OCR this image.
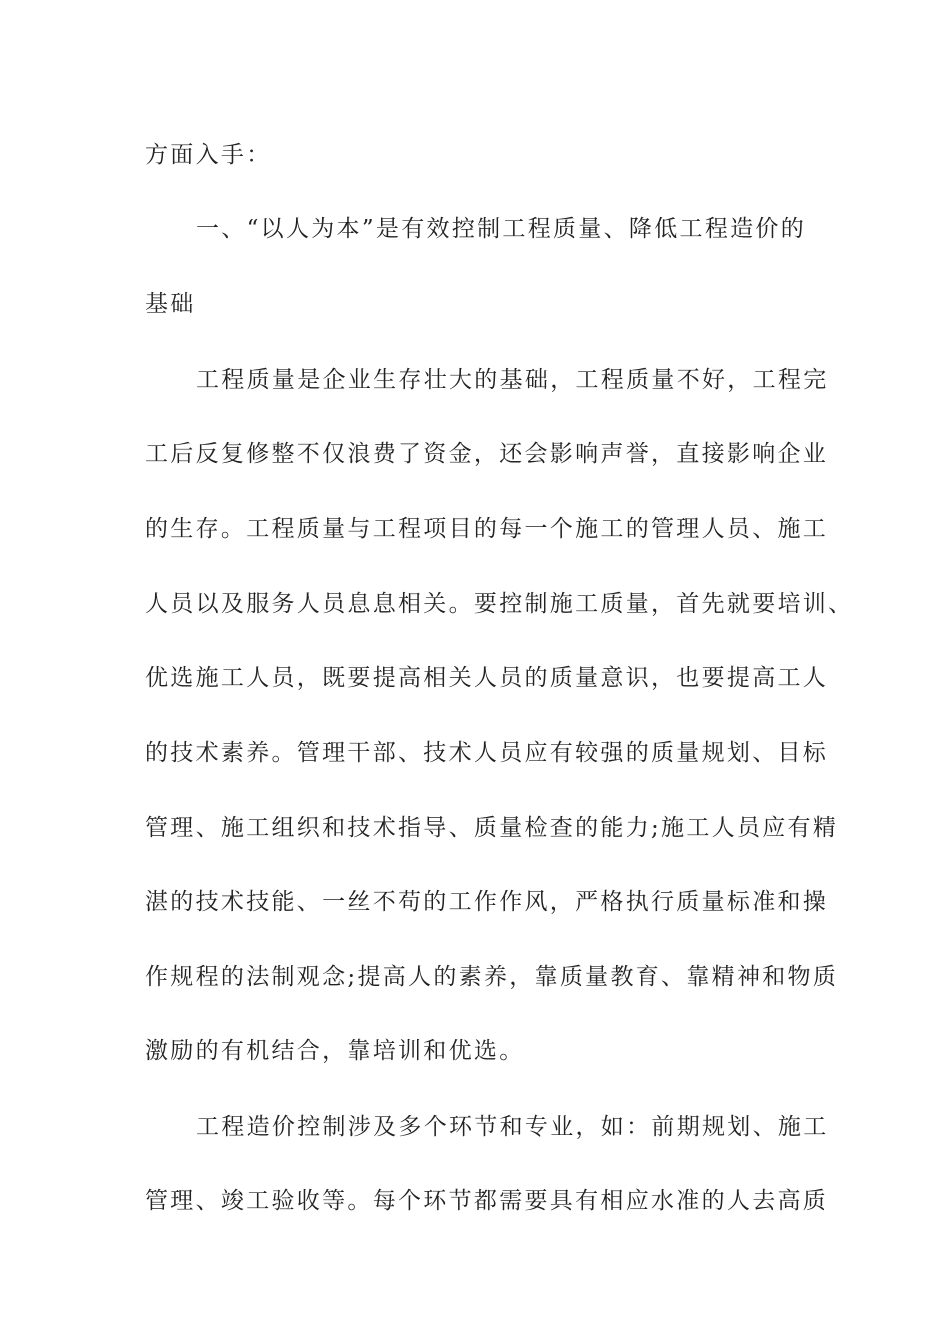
方面入手：
一、“以人为本”是有效控制工程质量、降低工程造价的
基础
工程质量是企业生存壮大的基础，工程质量不好，工程完
工后反复修整不仅浪费了资金，还会影响声誉，直接影响企业
的生存。工程质量与工程项目的每一个施工的管理人员、施工
人员以及服务人员息息相关。要控制施工质量，首先就要培训、
优选施工人员，既要提高相关人员的质量意识，也要提高工人
的技术素养。管理干部、技术人员应有较强的质量规划、目标
管理、施工组织和技术指导、质量检查的能力;施工人员应有精
湛的技术技能、一丝不苟的工作作风，严格执行质量标准和操
作规程的法制观念;提高人的素养，靠质量教育、靠精神和物质
激励的有机结合，靠培训和优选。
工程造价控制涉及多个环节和专业，如：前期规划、施工
管理、竣工验收等。每个环节都需要具有相应水准的人去高质
